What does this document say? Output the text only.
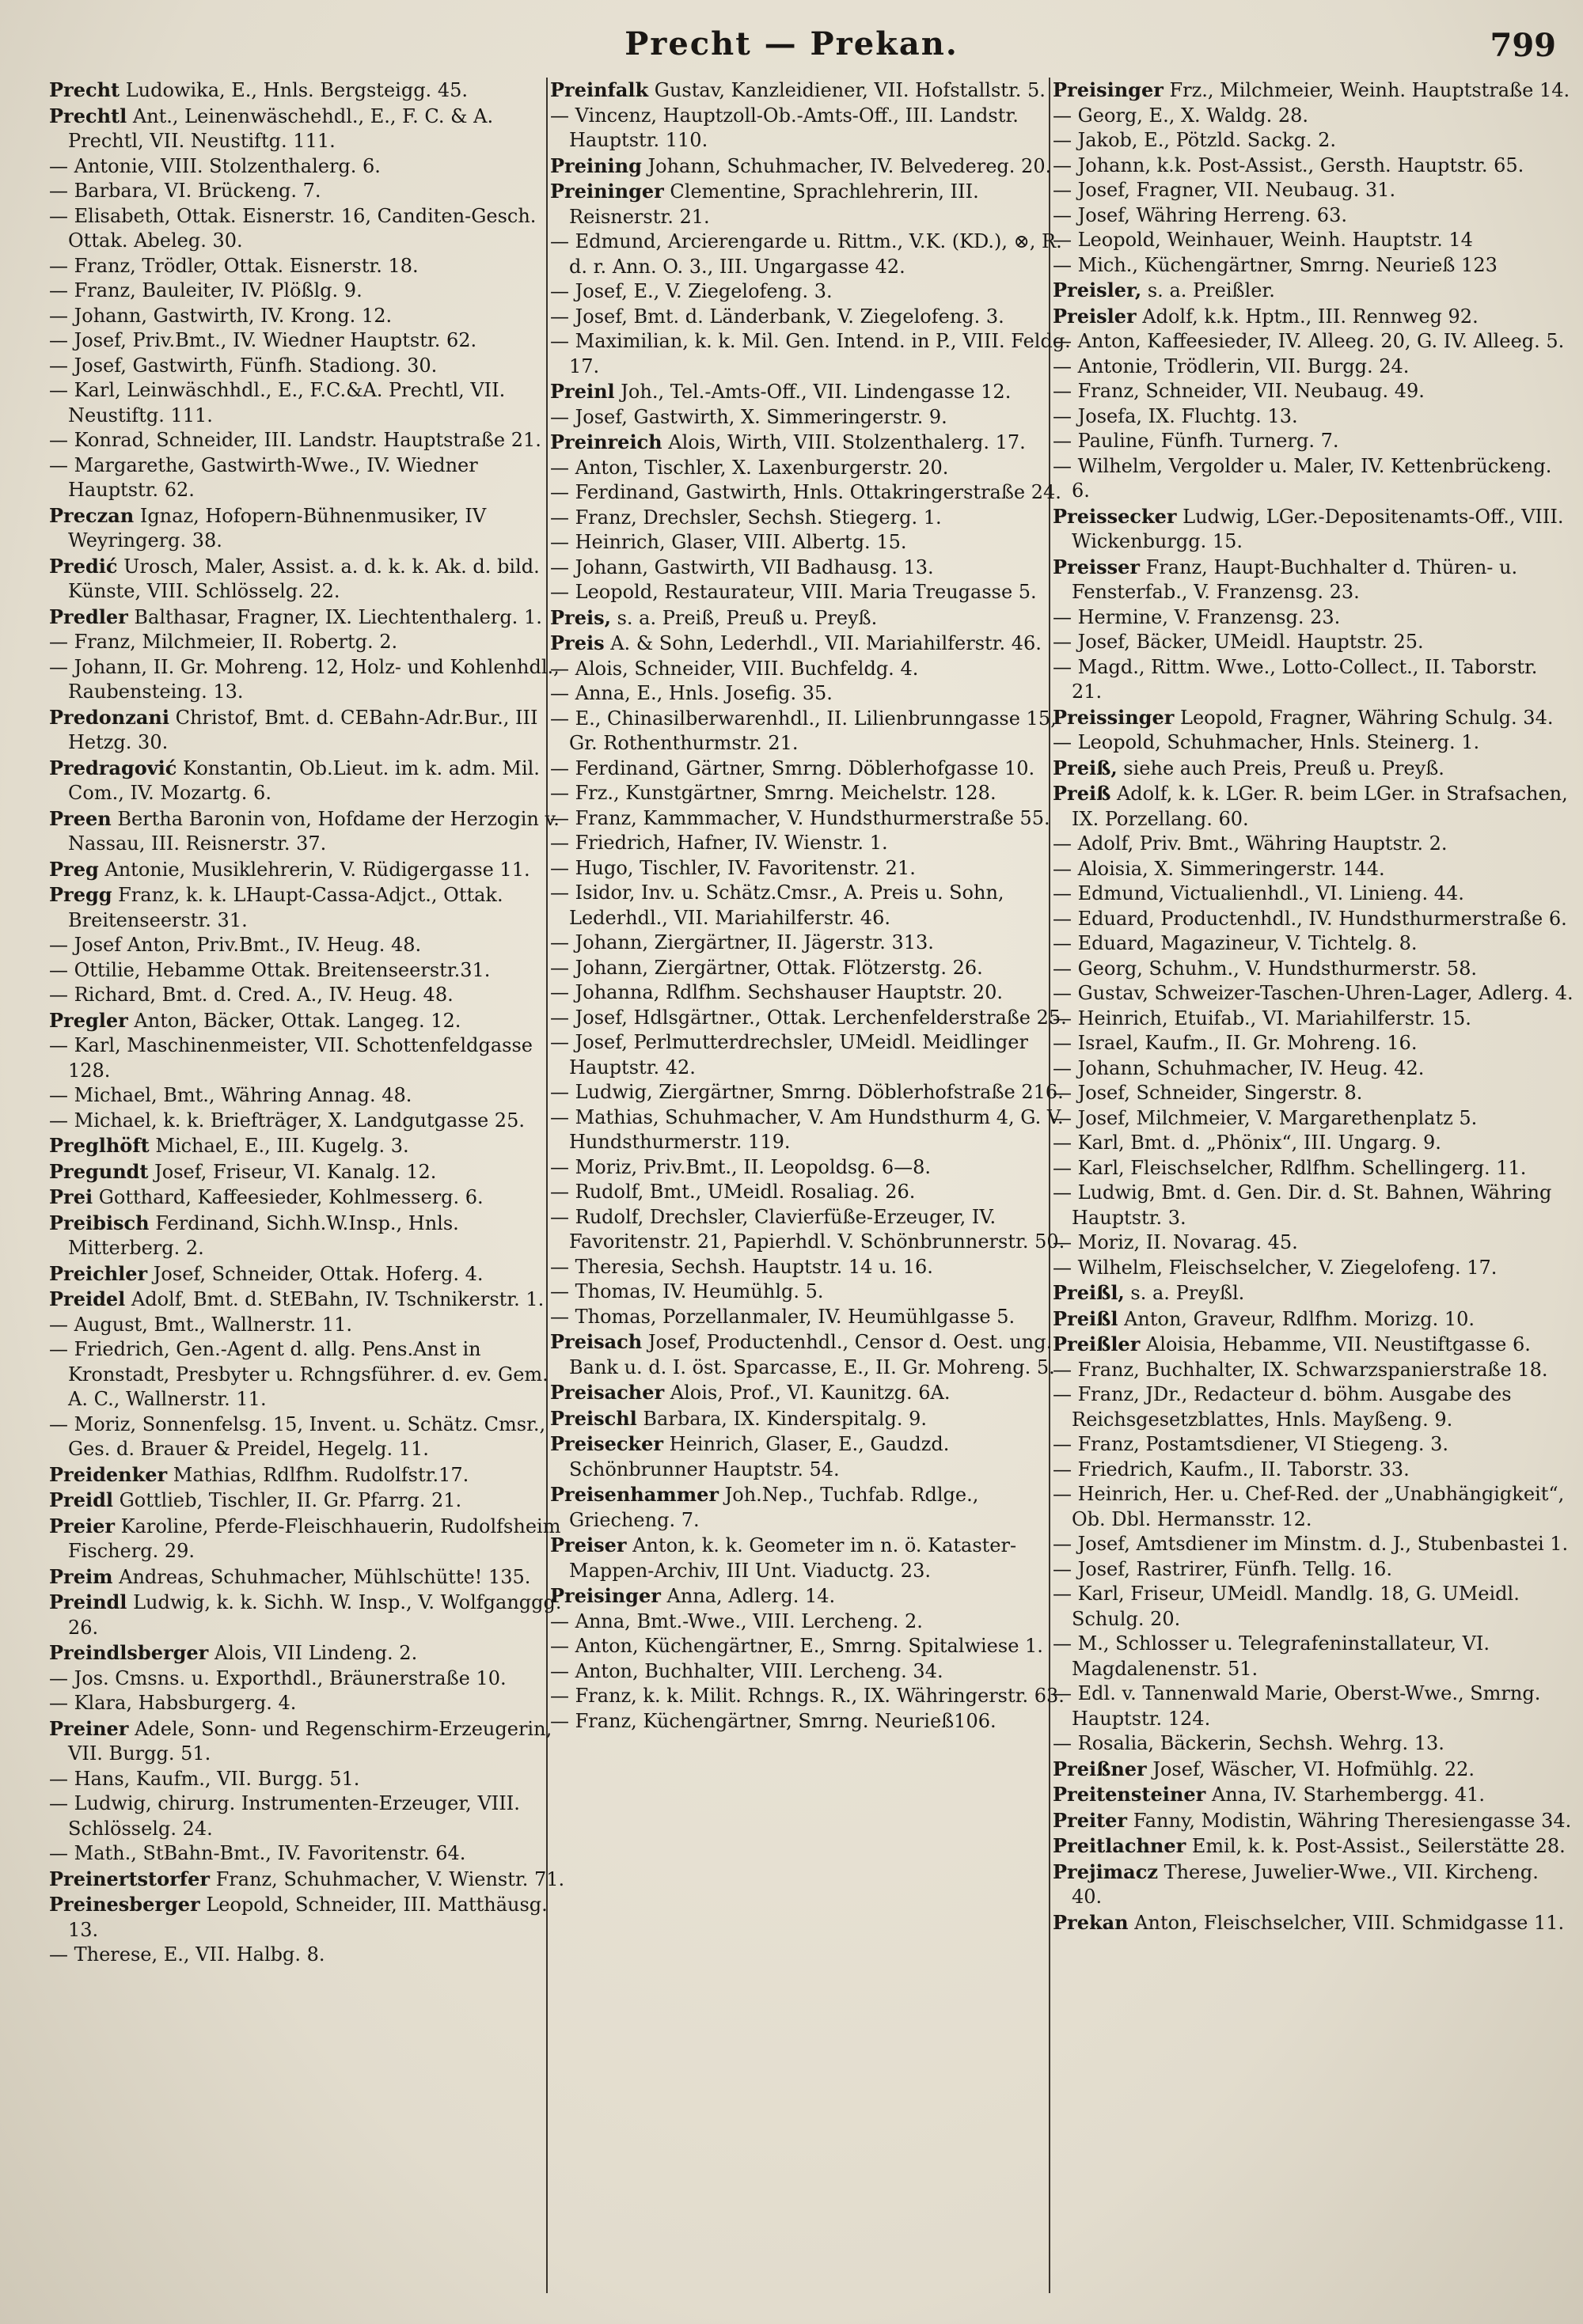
Precht — Prekan.	799
Precht Ludowika, E., Hnls. Bergsteigg. 45.
Prechtl Ant., Leinenwäschehdl., E., F. C. & A. Prechtl, VII. Neustiftg. 111.
— Antonie, VIII. Stolzenthalerg. 6.
— Barbara, VI. Brückeng. 7.
— Elisabeth, Ottak. Eisnerstr. 16, Canditen-Gesch. Ottak. Abeleg. 30.
— Franz, Trödler, Ottak. Eisnerstr. 18.
— Franz, Bauleiter, IV. Plößlg. 9.
— Johann, Gastwirth, IV. Krong. 12.
— Josef, Priv.Bmt., IV. Wiedner Hauptstr. 62.
— Josef, Gastwirth, Fünfh. Stadiong. 30.
— Karl, Leinwäschhdl., E., F.C.&A. Prechtl, VII. Neustiftg. 111.
— Konrad, Schneider, III. Landstr. Hauptstraße 21.
— Margarethe, Gastwirth-Wwe., IV. Wiedner Hauptstr. 62.
Preczan Ignaz, Hofopern-Bühnenmusiker, IV Weyringerg. 38.
Predić Urosch, Maler, Assist. a. d. k. k. Ak. d. bild. Künste, VIII. Schlösselg. 22.
Predler Balthasar, Fragner, IX. Liechtenthalerg. 1.
— Franz, Milchmeier, II. Robertg. 2.
— Johann, II. Gr. Mohreng. 12, Holz- und Kohlenhdl., Raubensteing. 13.
Predonzani Christof, Bmt. d. CEBahn-Adr.Bur., III Hetzg. 30.
Predragović Konstantin, Ob.Lieut. im k. adm. Mil. Com., IV. Mozartg. 6.
Preen Bertha Baronin von, Hofdame der Herzogin v. Nassau, III. Reisnerstr. 37.
Preg Antonie, Musiklehrerin, V. Rüdigergasse 11.
Pregg Franz, k. k. LHaupt-Cassa-Adjct., Ottak. Breitenseerstr. 31.
— Josef Anton, Priv.Bmt., IV. Heug. 48.
— Ottilie, Hebamme Ottak. Breitenseerstr.31.
— Richard, Bmt. d. Cred. A., IV. Heug. 48.
Pregler Anton, Bäcker, Ottak. Langeg. 12.
— Karl, Maschinenmeister, VII. Schottenfeldgasse 128.
— Michael, Bmt., Währing Annag. 48.
— Michael, k. k. Briefträger, X. Landgutgasse 25.
Preglhöft Michael, E., III. Kugelg. 3.
Pregundt Josef, Friseur, VI. Kanalg. 12.
Prei Gotthard, Kaffeesieder, Kohlmesserg. 6.
Preibisch Ferdinand, Sichh.W.Insp., Hnls. Mitterberg. 2.
Preichler Josef, Schneider, Ottak. Hoferg. 4.
Preidel Adolf, Bmt. d. StEBahn, IV. Tschnikerstr. 1.
— August, Bmt., Wallnerstr. 11.
— Friedrich, Gen.-Agent d. allg. Pens.Anst in Kronstadt, Presbyter u. Rchngsführer. d. ev. Gem. A. C., Wallnerstr. 11.
— Moriz, Sonnenfelsg. 15, Invent. u. Schätz. Cmsr., Ges. d. Brauer & Preidel, Hegelg. 11.
Preidenker Mathias, Rdlfhm. Rudolfstr.17.
Preidl Gottlieb, Tischler, II. Gr. Pfarrg. 21.
Preier Karoline, Pferde-Fleischhauerin, Rudolfsheim Fischerg. 29.
Preim Andreas, Schuhmacher, Mühlschütte! 135.
Preindl Ludwig, k. k. Sichh. W. Insp., V. Wolfganggg. 26.
Preindlsberger Alois, VII Lindeng. 2.
— Jos. Cmsns. u. Exporthdl., Bräunerstraße 10.
— Klara, Habsburgerg. 4.
Preiner Adele, Sonn- und Regenschirm-Erzeugerin, VII. Burgg. 51.
— Hans, Kaufm., VII. Burgg. 51.
— Ludwig, chirurg. Instrumenten-Erzeuger, VIII. Schlösselg. 24.
— Math., StBahn-Bmt., IV. Favoritenstr. 64.
Preinertstorfer Franz, Schuhmacher, V. Wienstr. 71.
Preinesberger Leopold, Schneider, III. Matthäusg. 13.
— Therese, E., VII. Halbg. 8.
Preinfalk Gustav, Kanzleidiener, VII. Hofstallstr. 5.
— Vincenz, Hauptzoll-Ob.-Amts-Off., III. Landstr. Hauptstr. 110.
Preining Johann, Schuhmacher, IV. Belvedereg. 20.
Preininger Clementine, Sprachlehrerin, III. Reisnerstr. 21.
— Edmund, Arcierengarde u. Rittm., V.K. (KD.), ⊗, R. d. r. Ann. O. 3., III. Ungargasse 42.
— Josef, E., V. Ziegelofeng. 3.
— Josef, Bmt. d. Länderbank, V. Ziegelofeng. 3.
— Maximilian, k. k. Mil. Gen. Intend. in P., VIII. Feldg. 17.
Preinl Joh., Tel.-Amts-Off., VII. Lindengasse 12.
— Josef, Gastwirth, X. Simmeringerstr. 9.
Preinreich Alois, Wirth, VIII. Stolzenthalerg. 17.
— Anton, Tischler, X. Laxenburgerstr. 20.
— Ferdinand, Gastwirth, Hnls. Ottakringerstraße 24.
— Franz, Drechsler, Sechsh. Stiegerg. 1.
— Heinrich, Glaser, VIII. Albertg. 15.
— Johann, Gastwirth, VII Badhausg. 13.
— Leopold, Restaurateur, VIII. Maria Treugasse 5.
Preis, s. a. Preiß, Preuß u. Preyß.
Preis A. & Sohn, Lederhdl., VII. Mariahilferstr. 46.
— Alois, Schneider, VIII. Buchfeldg. 4.
— Anna, E., Hnls. Josefig. 35.
— E., Chinasilberwarenhdl., II. Lilienbrunngasse 15, Gr. Rothenthurmstr. 21.
— Ferdinand, Gärtner, Smrng. Döblerhofgasse 10.
— Frz., Kunstgärtner, Smrng. Meichelstr. 128.
— Franz, Kammmacher, V. Hundsthurmerstraße 55.
— Friedrich, Hafner, IV. Wienstr. 1.
— Hugo, Tischler, IV. Favoritenstr. 21.
— Isidor, Inv. u. Schätz.Cmsr., A. Preis u. Sohn, Lederhdl., VII. Mariahilferstr. 46.
— Johann, Ziergärtner, II. Jägerstr. 313.
— Johann, Ziergärtner, Ottak. Flötzerstg. 26.
— Johanna, Rdlfhm. Sechshauser Hauptstr. 20.
— Josef, Hdlsgärtner., Ottak. Lerchenfelderstraße 25.
— Josef, Perlmutterdrechsler, UMeidl. Meidlinger Hauptstr. 42.
— Ludwig, Ziergärtner, Smrng. Döblerhofstraße 216.
— Mathias, Schuhmacher, V. Am Hundsthurm 4, G. V. Hundsthurmerstr. 119.
— Moriz, Priv.Bmt., II. Leopoldsg. 6—8.
— Rudolf, Bmt., UMeidl. Rosaliag. 26.
— Rudolf, Drechsler, Clavierfüße-Erzeuger, IV. Favoritenstr. 21, Papierhdl. V. Schönbrunnerstr. 50.
— Theresia, Sechsh. Hauptstr. 14 u. 16.
— Thomas, IV. Heumühlg. 5.
— Thomas, Porzellanmaler, IV. Heumühlgasse 5.
Preisach Josef, Productenhdl., Censor d. Oest. ung. Bank u. d. I. öst. Sparcasse, E., II. Gr. Mohreng. 5.
Preisacher Alois, Prof., VI. Kaunitzg. 6A.
Preischl Barbara, IX. Kinderspitalg. 9.
Preisecker Heinrich, Glaser, E., Gaudzd. Schönbrunner Hauptstr. 54.
Preisenhammer Joh.Nep., Tuchfab. Rdlge., Griecheng. 7.
Preiser Anton, k. k. Geometer im n. ö. Kataster-Mappen-Archiv, III Unt. Viaductg. 23.
Preisinger Anna, Adlerg. 14.
— Anna, Bmt.-Wwe., VIII. Lercheng. 2.
— Anton, Küchengärtner, E., Smrng. Spitalwiese 1.
— Anton, Buchhalter, VIII. Lercheng. 34.
— Franz, k. k. Milit. Rchngs. R., IX. Währingerstr. 63.
— Franz, Küchengärtner, Smrng. Neurieß106.
Preisinger Frz., Milchmeier, Weinh. Hauptstraße 14.
— Georg, E., X. Waldg. 28.
— Jakob, E., Pötzld. Sackg. 2.
— Johann, k.k. Post-Assist., Gersth. Hauptstr. 65.
— Josef, Fragner, VII. Neubaug. 31.
— Josef, Währing Herreng. 63.
— Leopold, Weinhauer, Weinh. Hauptstr. 14
— Mich., Küchengärtner, Smrng. Neurieß 123
Preisler, s. a. Preißler.
Preisler Adolf, k.k. Hptm., III. Rennweg 92.
— Anton, Kaffeesieder, IV. Alleeg. 20, G. IV. Alleeg. 5.
— Antonie, Trödlerin, VII. Burgg. 24.
— Franz, Schneider, VII. Neubaug. 49.
— Josefa, IX. Fluchtg. 13.
— Pauline, Fünfh. Turnerg. 7.
— Wilhelm, Vergolder u. Maler, IV. Kettenbrückeng. 6.
Preissecker Ludwig, LGer.-Depositenamts-Off., VIII. Wickenburgg. 15.
Preisser Franz, Haupt-Buchhalter d. Thüren- u. Fensterfab., V. Franzensg. 23.
— Hermine, V. Franzensg. 23.
— Josef, Bäcker, UMeidl. Hauptstr. 25.
— Magd., Rittm. Wwe., Lotto-Collect., II. Taborstr. 21.
Preissinger Leopold, Fragner, Währing Schulg. 34.
— Leopold, Schuhmacher, Hnls. Steinerg. 1.
Preiß, siehe auch Preis, Preuß u. Preyß.
Preiß Adolf, k. k. LGer. R. beim LGer. in Strafsachen, IX. Porzellang. 60.
— Adolf, Priv. Bmt., Währing Hauptstr. 2.
— Aloisia, X. Simmeringerstr. 144.
— Edmund, Victualienhdl., VI. Linieng. 44.
— Eduard, Productenhdl., IV. Hundsthurmerstraße 6.
— Eduard, Magazineur, V. Tichtelg. 8.
— Georg, Schuhm., V. Hundsthurmerstr. 58.
— Gustav, Schweizer-Taschen-Uhren-Lager, Adlerg. 4.
— Heinrich, Etuifab., VI. Mariahilferstr. 15.
— Israel, Kaufm., II. Gr. Mohreng. 16.
— Johann, Schuhmacher, IV. Heug. 42.
— Josef, Schneider, Singerstr. 8.
— Josef, Milchmeier, V. Margarethenplatz 5.
— Karl, Bmt. d. „Phönix“, III. Ungarg. 9.
— Karl, Fleischselcher, Rdlfhm. Schellingerg. 11.
— Ludwig, Bmt. d. Gen. Dir. d. St. Bahnen, Währing Hauptstr. 3.
— Moriz, II. Novarag. 45.
— Wilhelm, Fleischselcher, V. Ziegelofeng. 17.
Preißl, s. a. Preyßl.
Preißl Anton, Graveur, Rdlfhm. Morizg. 10.
Preißler Aloisia, Hebamme, VII. Neustiftgasse 6.
— Franz, Buchhalter, IX. Schwarzspanierstraße 18.
— Franz, JDr., Redacteur d. böhm. Ausgabe des Reichsgesetzblattes, Hnls. Mayßeng. 9.
— Franz, Postamtsdiener, VI Stiegeng. 3.
— Friedrich, Kaufm., II. Taborstr. 33.
— Heinrich, Her. u. Chef-Red. der „Unabhängigkeit“, Ob. Dbl. Hermansstr. 12.
— Josef, Amtsdiener im Minstm. d. J., Stubenbastei 1.
— Josef, Rastrirer, Fünfh. Tellg. 16.
— Karl, Friseur, UMeidl. Mandlg. 18, G. UMeidl. Schulg. 20.
— M., Schlosser u. Telegrafeninstallateur, VI. Magdalenenstr. 51.
— Edl. v. Tannenwald Marie, Oberst-Wwe., Smrng. Hauptstr. 124.
— Rosalia, Bäckerin, Sechsh. Wehrg. 13.
Preißner Josef, Wäscher, VI. Hofmühlg. 22.
Preitensteiner Anna, IV. Starhembergg. 41.
Preiter Fanny, Modistin, Währing Theresiengasse 34.
Preitlachner Emil, k. k. Post-Assist., Seilerstätte 28.
Prejimacz Therese, Juwelier-Wwe., VII. Kircheng. 40.
Prekan Anton, Fleischselcher, VIII. Schmidgasse 11.
